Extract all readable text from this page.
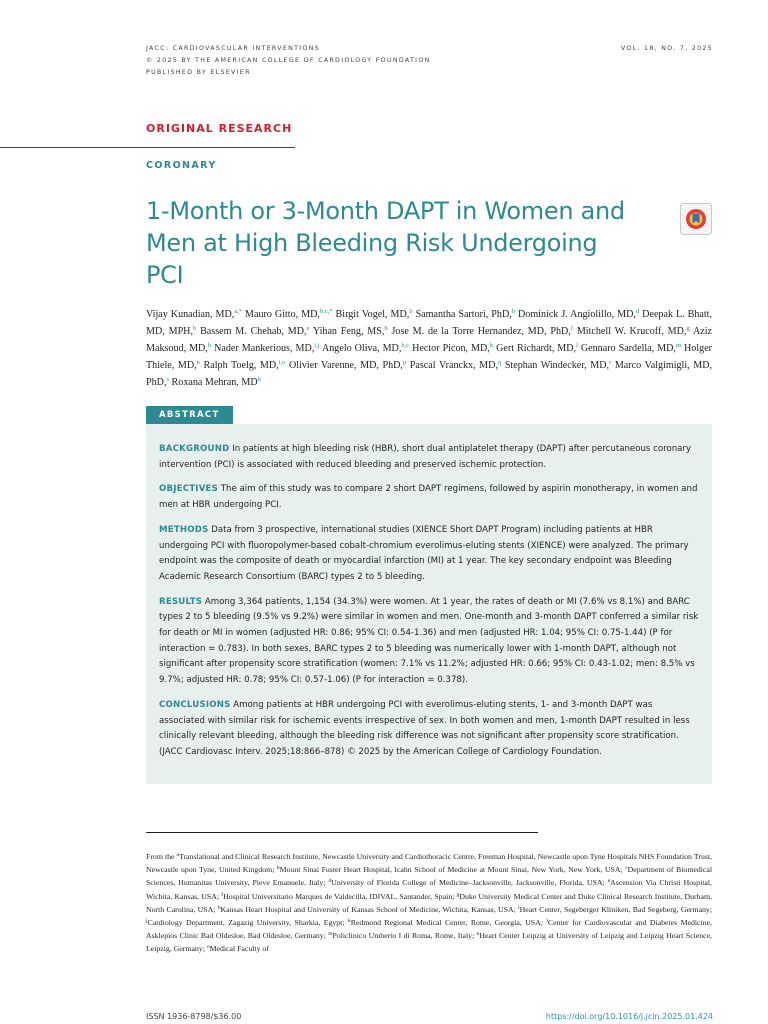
JACC: CARDIOVASCULAR INTERVENTIONS
© 2025 BY THE AMERICAN COLLEGE OF CARDIOLOGY FOUNDATION
PUBLISHED BY ELSEVIER
VOL. 18, NO. 7, 2025
ORIGINAL RESEARCH
CORONARY
1-Month or 3-Month DAPT in Women and Men at High Bleeding Risk Undergoing PCI
Vijay Kunadian, MD,$^{a,*}$ Mauro Gitto, MD,$^{b,c,*}$ Birgit Vogel, MD,$^b$ Samantha Sartori, PhD,$^b$ Dominick J. Angiolillo, MD,$^d$ Deepak L. Bhatt, MD, MPH,$^b$ Bassem M. Chehab, MD,$^e$ Yihan Feng, MS,$^b$ Jose M. de la Torre Hernandez, MD, PhD,$^f$ Mitchell W. Krucoff, MD,$^g$ Aziz Maksoud, MD,$^h$ Nader Mankerious, MD,$^{i,j}$ Angelo Oliva, MD,$^{b,c}$ Hector Picon, MD,$^k$ Gert Richardt, MD,$^l$ Gennaro Sardella, MD,$^m$ Holger Thiele, MD,$^n$ Ralph Toelg, MD,$^{i,o}$ Olivier Varenne, MD, PhD,$^p$ Pascal Vranckx, MD,$^q$ Stephan Windecker, MD,$^r$ Marco Valgimigli, MD, PhD,$^s$ Roxana Mehran, $MD^b$
ABSTRACT

BACKGROUND In patients at high bleeding risk (HBR), short dual antiplatelet therapy (DAPT) after percutaneous coronary intervention (PCI) is associated with reduced bleeding and preserved ischemic protection.

OBJECTIVES The aim of this study was to compare 2 short DAPT regimens, followed by aspirin monotherapy, in women and men at HBR undergoing PCI.

METHODS Data from 3 prospective, international studies (XIENCE Short DAPT Program) including patients at HBR undergoing PCI with fluoropolymer-based cobalt-chromium everolimus-eluting stents (XIENCE) were analyzed. The primary endpoint was the composite of death or myocardial infarction (MI) at 1 year. The key secondary endpoint was Bleeding Academic Research Consortium (BARC) types 2 to 5 bleeding.

RESULTS Among 3,364 patients, 1,154 (34.3%) were women. At 1 year, the rates of death or MI (7.6% vs 8.1%) and BARC types 2 to 5 bleeding (9.5% vs 9.2%) were similar in women and men. One-month and 3-month DAPT conferred a similar risk for death or MI in women (adjusted HR: 0.86; 95% CI: 0.54-1.36) and men (adjusted HR: 1.04; 95% CI: 0.75-1.44) (P for interaction = 0.783). In both sexes, BARC types 2 to 5 bleeding was numerically lower with 1-month DAPT, although not significant after propensity score stratification (women: 7.1% vs 11.2%; adjusted HR: 0.66; 95% CI: 0.43-1.02; men: 8.5% vs 9.7%; adjusted HR: 0.78; 95% CI: 0.57-1.06) (P for interaction = 0.378).

CONCLUSIONS Among patients at HBR undergoing PCI with everolimus-eluting stents, 1- and 3-month DAPT was associated with similar risk for ischemic events irrespective of sex. In both women and men, 1-month DAPT resulted in less clinically relevant bleeding, although the bleeding risk difference was not significant after propensity score stratification. (JACC Cardiovasc Interv. 2025;18:866–878) © 2025 by the American College of Cardiology Foundation.

From the $^a$Translational and Clinical Research Institute, Newcastle University and Cardiothoracic Centre, Freeman Hospital, Newcastle upon Tyne Hospitals NHS Foundation Trust, Newcastle upon Tyne, United Kingdom; $^b$Mount Sinai Fuster Heart Hospital, Icahn School of Medicine at Mount Sinai, New York, New York, USA; $^c$Department of Biomedical Sciences, Humanitas University, Pieve Emanuele, Italy; $^d$University of Florida College of Medicine–Jacksonville, Jacksonville, Florida, USA; $^e$Ascension Via Christi Hospital, Wichita, Kansas, USA; $^f$Hospital Universitario Marques de Valdecilla, IDIVAL, Santander, Spain; $^g$Duke University Medical Center and Duke Clinical Research Institute, Durham, North Carolina, USA; $^h$Kansas Heart Hospital and University of Kansas School of Medicine, Wichita, Kansas, USA; $^i$Heart Center, Segeberger Kliniken, Bad Segeberg, Germany; $^j$Cardiology Department, Zagazig University, Sharkia, Egypt; $^k$Redmond Regional Medical Center, Rome, Georgia, USA; $^l$Center for Cardiovascular and Diabetes Medicine, Asklepios Clinic Bad Oldesloe, Bad Oldesloe, Germany; $^m$Policlinico Umberto I di Roma, Rome, Italy; $^n$Heart Center Leipzig at University of Leipzig and Leipzig Heart Science, Leipzig, Germany; $^o$Medical Faculty of
ISSN 1936-8798/$36.00	https://doi.org/10.1016/j.jcin.2025.01.424
